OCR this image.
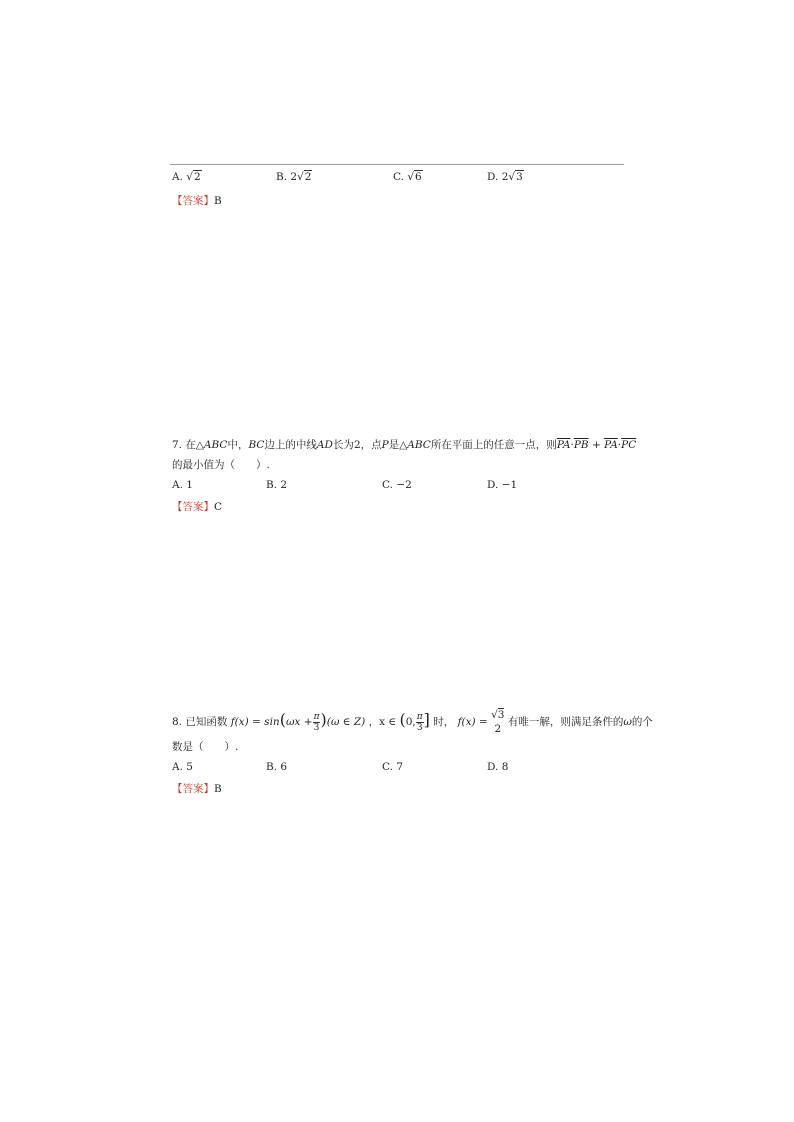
A. √2	B. 2√2	C. √6	D. 2√3
【答案】B
7. 在△ABC中，BC边上的中线AD长为2，点P是△ABC所在平面上的任意一点，则$\overline{PA}\cdot\overline{PB} + \overline{PA}\cdot\overline{PC}$
的最小值为（　　）.
A. 1	B. 2	C. −2	D. −1
【答案】C
8. 已知函数 $f(x) = \sin(\omega x + \frac{\pi}{3} )(\omega$ ∈ Z) ，x ∈ (0, $\frac{\pi}{3}$ ] 时， f(x) =
√3
2
有唯一解，则满足条件的ω的个
数是（　　）.
A. 5	B. 6	C. 7	D. 8
【答案】B
